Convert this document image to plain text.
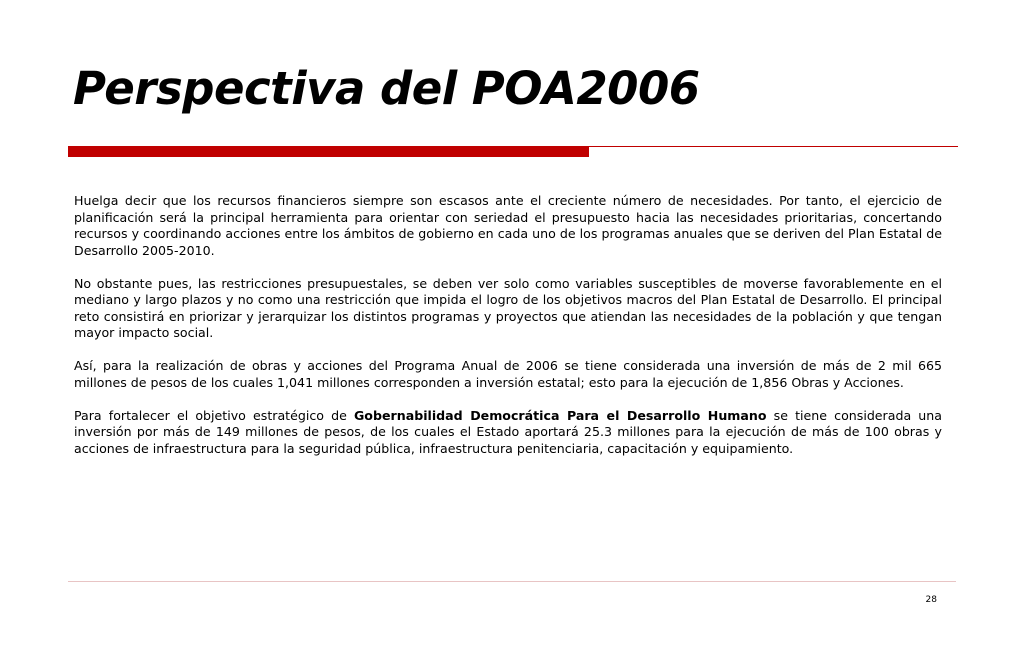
Perspectiva del POA2006

Huelga decir que los recursos financieros siempre son escasos ante el creciente número de necesidades. Por tanto, el ejercicio de planificación será la principal herramienta para orientar con seriedad el presupuesto hacia las necesidades prioritarias, concertando recursos y coordinando acciones entre los ámbitos de gobierno en cada uno de los programas anuales que se deriven del Plan Estatal de Desarrollo 2005-2010.

No obstante pues, las restricciones presupuestales, se deben ver solo como variables susceptibles de moverse favorablemente en el mediano y largo plazos y no como una restricción que impida el logro de los objetivos macros del Plan Estatal de Desarrollo. El principal reto consistirá en priorizar y jerarquizar los distintos programas y proyectos que atiendan las necesidades de la población y que tengan mayor impacto social.

Así, para la realización de obras y acciones del Programa Anual de 2006 se tiene considerada una inversión de más de 2 mil 665 millones de pesos de los cuales 1,041 millones corresponden a inversión estatal; esto para la ejecución de 1,856 Obras y Acciones.

Para fortalecer el objetivo estratégico de Gobernabilidad Democrática Para el Desarrollo Humano se tiene considerada una inversión por más de 149 millones de pesos, de los cuales el Estado aportará 25.3 millones para la ejecución de más de 100 obras y acciones de infraestructura para la seguridad pública, infraestructura penitenciaria, capacitación y equipamiento.

28
